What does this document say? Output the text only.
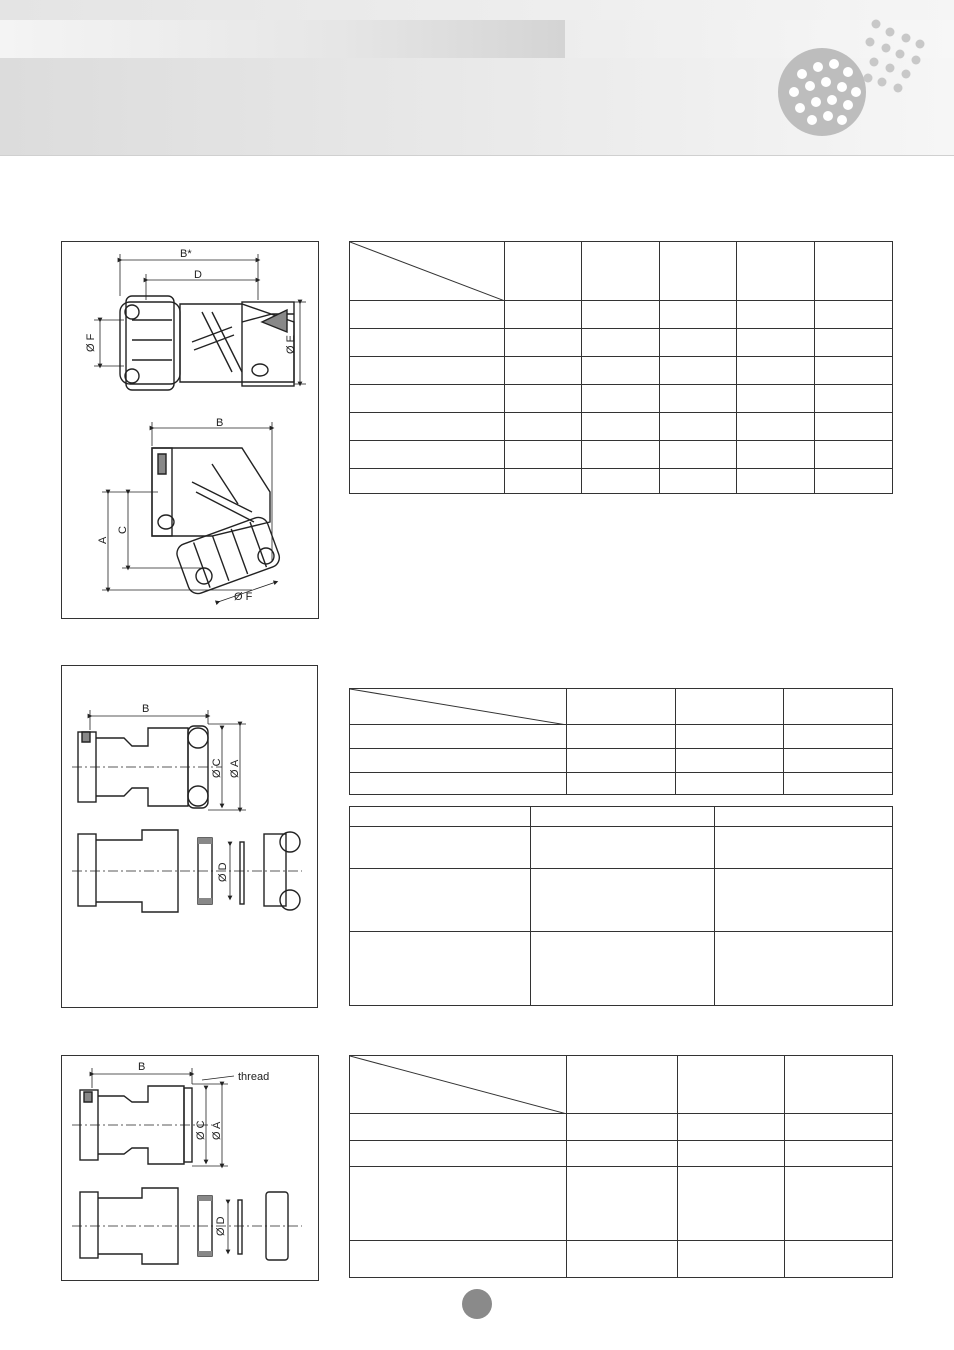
B*
D
Ø F	Ø E
B
A
C
Ø F

B
Ø C Ø A
Ø D

B
thread
Ø C Ø A
Ø D
